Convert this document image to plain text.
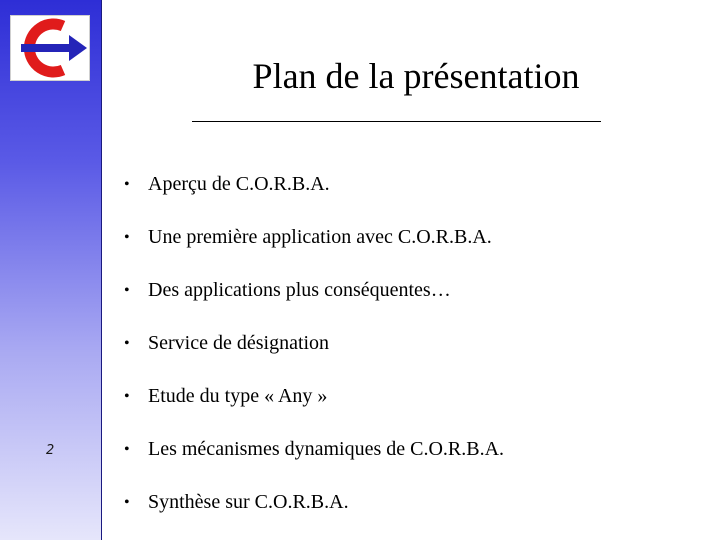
2
Plan de la présentation
• Aperçu de C.O.R.B.A.
• Une première application avec C.O.R.B.A.
• Des applications plus conséquentes…
• Service de désignation
• Etude du type « Any »
• Les mécanismes dynamiques de C.O.R.B.A.
• Synthèse sur C.O.R.B.A.
